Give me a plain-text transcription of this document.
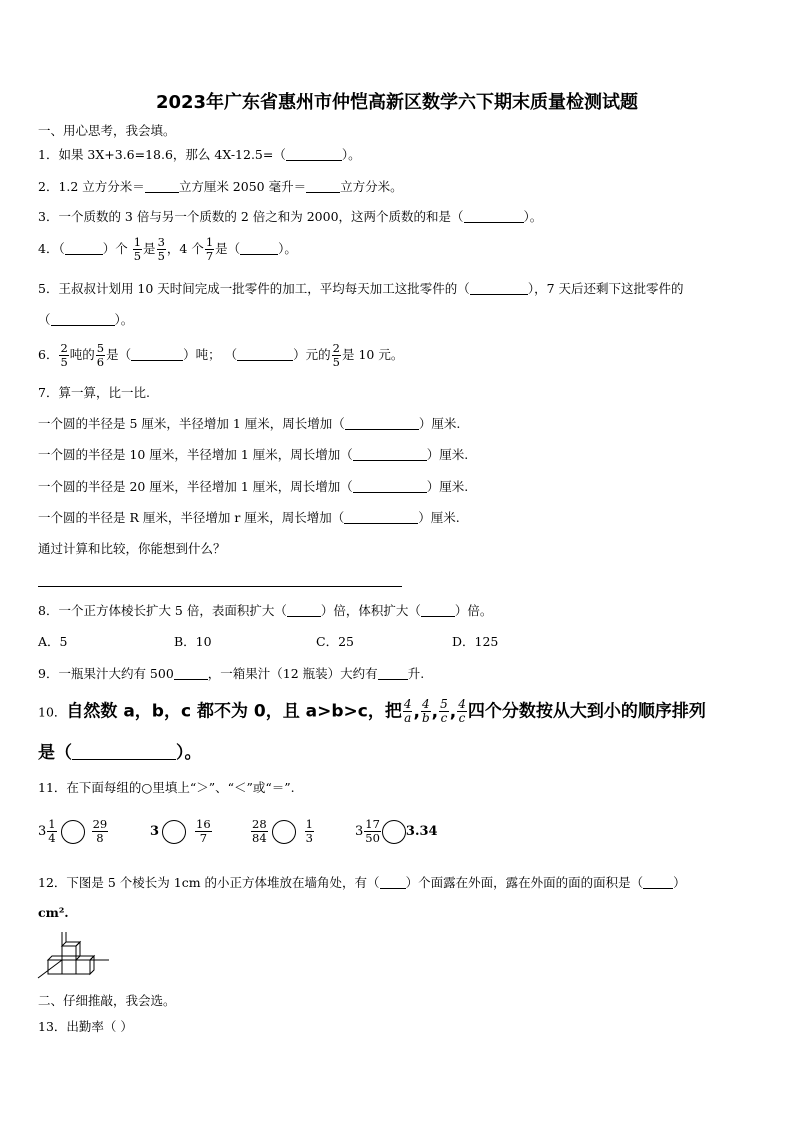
2023年广东省惠州市仲恺高新区数学六下期末质量检测试题
一、用心思考，我会填。
1．如果 3X+3.6=18.6，那么 4X-12.5=（	）。
2．1.2 立方分米＝	立方厘米 2050 毫升＝	立方分米。
3．一个质数的 3 倍与另一个质数的 2 倍之和为 2000，这两个质数的和是（	）。
4．（	）个 $\frac{1}{5}$ 是 $\frac{3}{5}$ ，4 个 $\frac{1}{7}$ 是（	）。
5．王叔叔计划用 10 天时间完成一批零件的加工，平均每天加工这批零件的（	），7 天后还剩下这批零件的
（	）。
6． $\frac{2}{5}$ 吨的 $\frac{5}{6}$ 是（	）吨； （	）元的 $\frac{2}{5}$ 是 10 元。
7．算一算，比一比.
一个圆的半径是 5 厘米，半径增加 1 厘米，周长增加（	）厘米.
一个圆的半径是 10 厘米，半径增加 1 厘米，周长增加（	）厘米.
一个圆的半径是 20 厘米，半径增加 1 厘米，周长增加（	）厘米.
一个圆的半径是 R 厘米，半径增加 r 厘米，周长增加（	）厘米.
通过计算和比较，你能想到什么？
8．一个正方体棱长扩大 5 倍，表面积扩大（	）倍，体积扩大（	）倍。
A．5	B．10	C．25	D．125
9．一瓶果汁大约有 500	，一箱果汁（12 瓶装）大约有 升.
10．自然数 a，b，c 都不为 0，且 a>b>c，把 $\frac{4}{a}$ , $\frac{4}{b}$ , $\frac{5}{c}$ , $\frac{4}{c}$ 四个分数按从大到小的顺序排列
是（	）。
11．在下面每组的○里填上“＞”、“＜”或“＝”.
$3 \frac{1}{4}$	$\frac{29}{8}$	3	$\frac{16}{7}$	$\frac{28}{84}$	$\frac{1}{3}$	$3 \frac{17}{50} 3.34$
12．下图是 5 个棱长为 1cm 的小正方体堆放在墙角处，有（ ）个面露在外面，露在外面的面的面积是（ ）
cm².
二、仔细推敲，我会选。
13．出勤率（ ）
